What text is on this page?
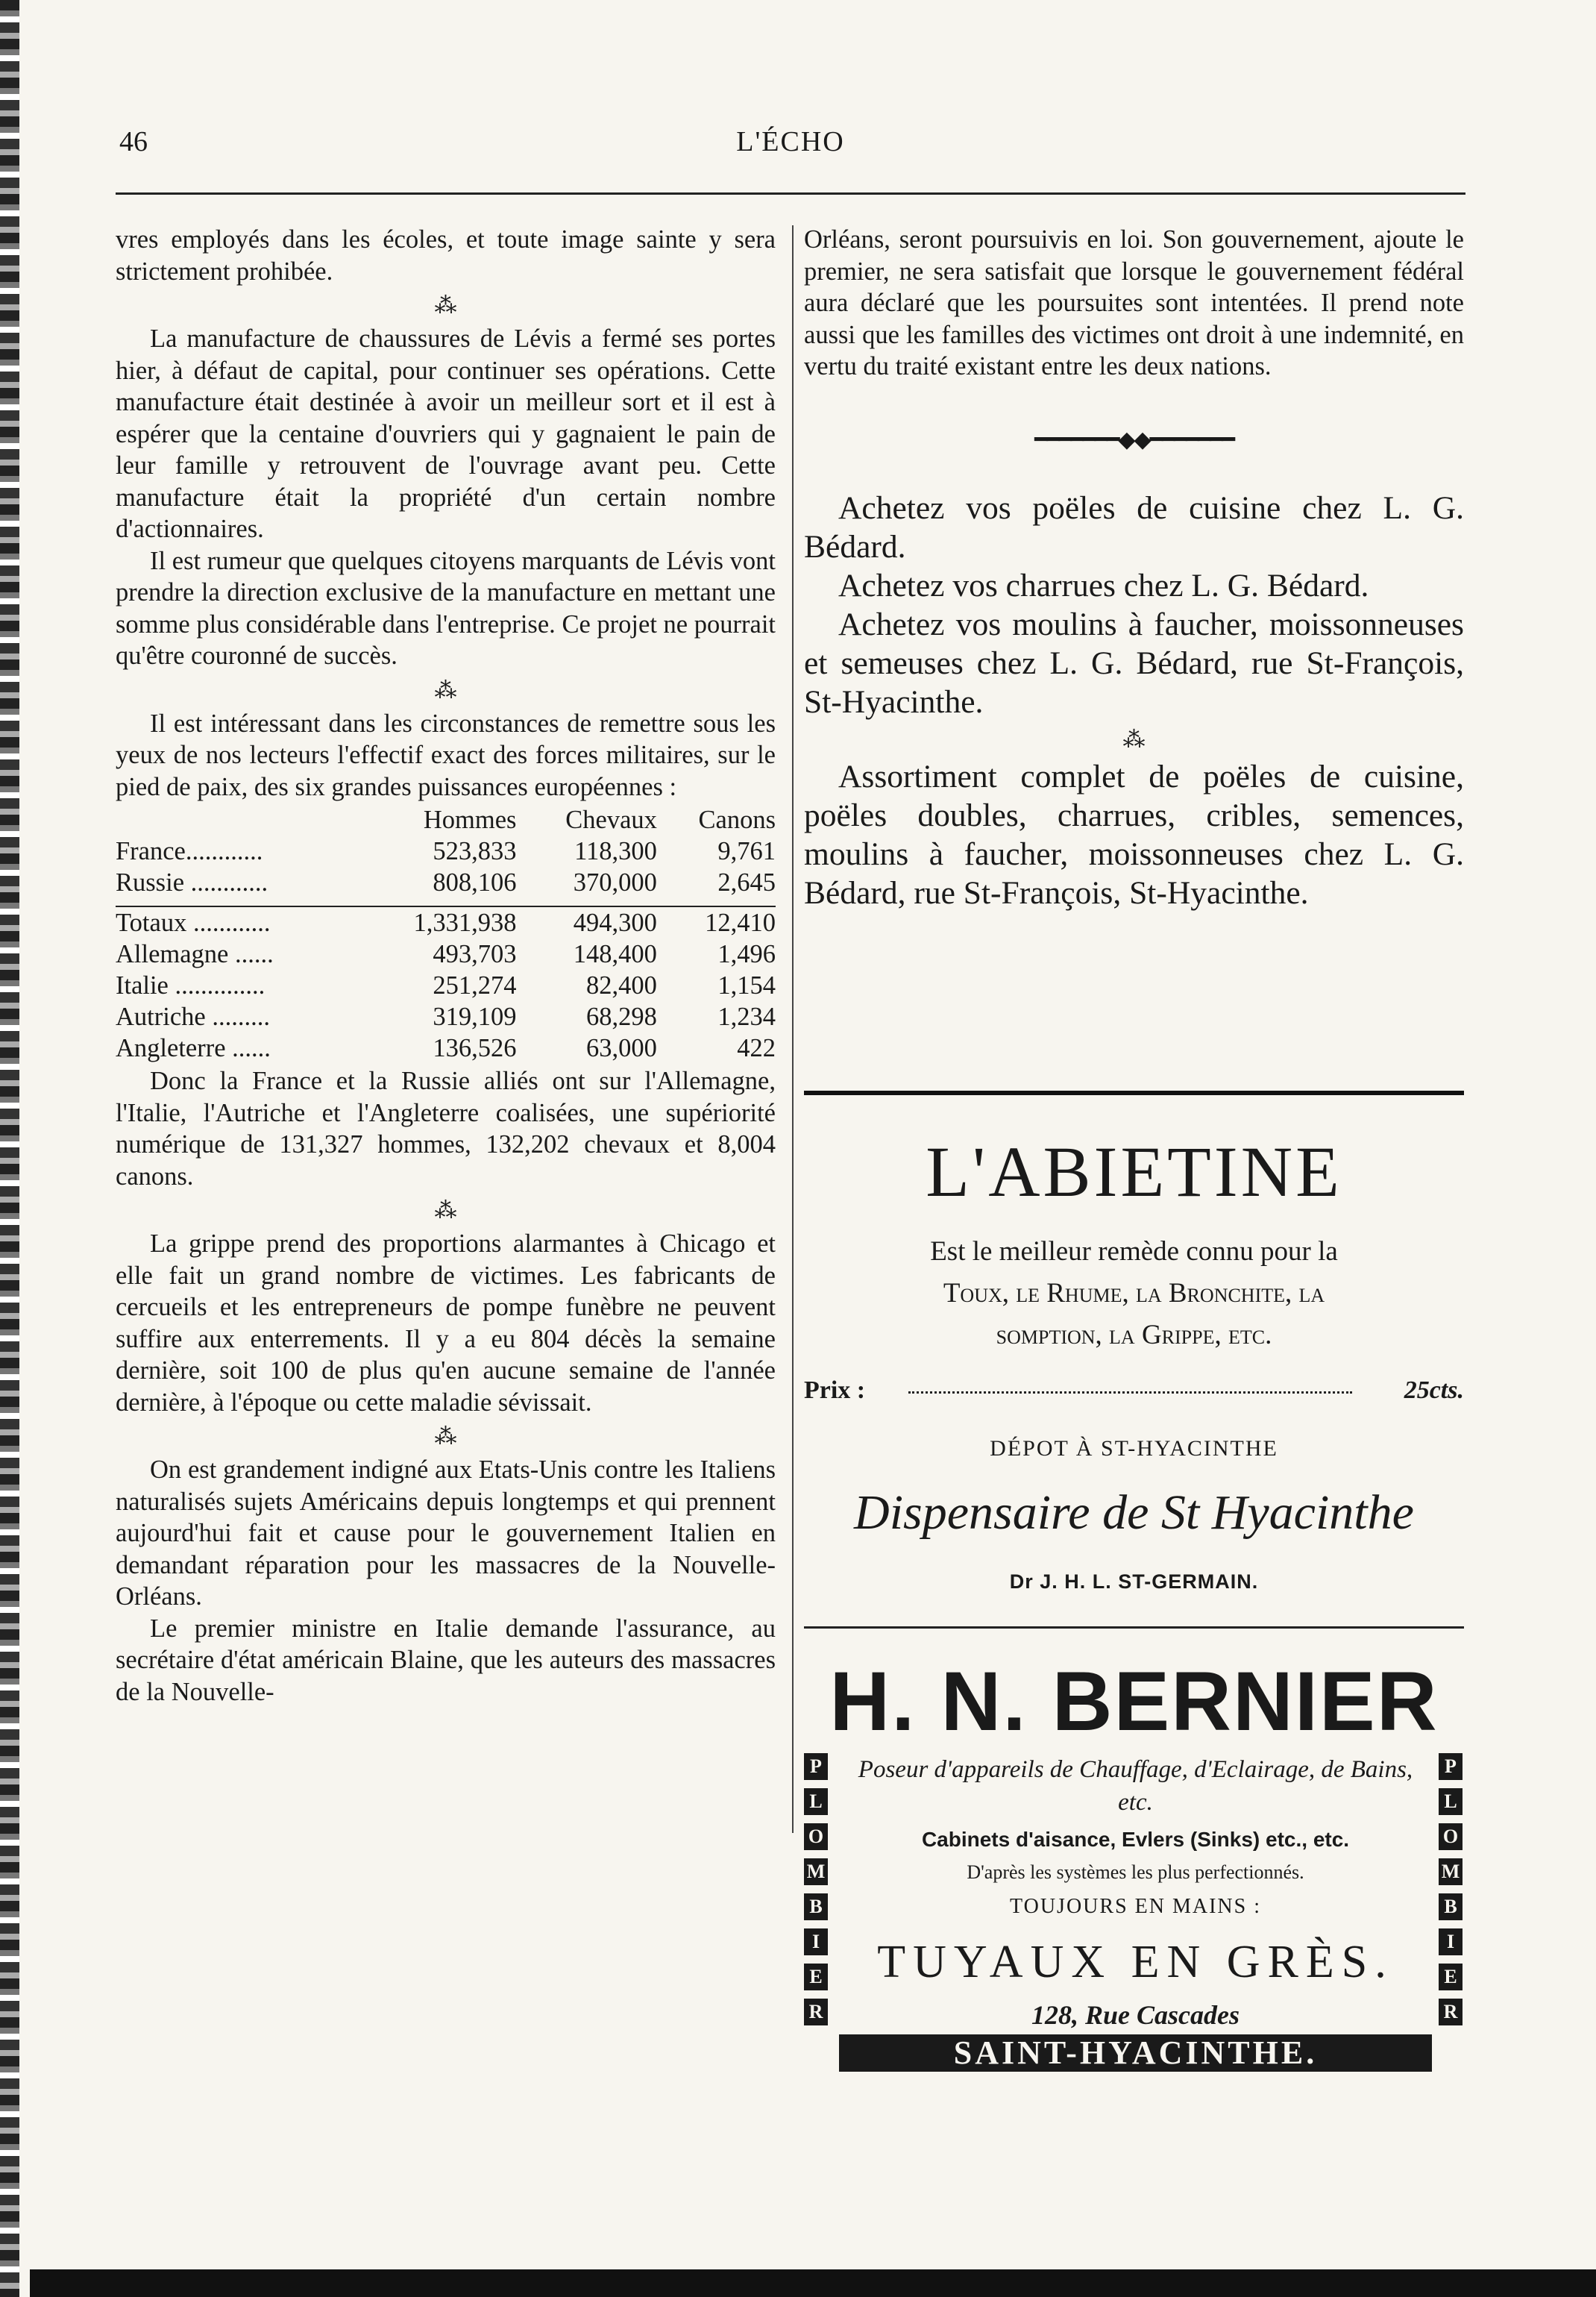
46	L'ÉCHO

vres employés dans les écoles, et toute image sainte y sera strictement prohibée.

⁂

La manufacture de chaussures de Lévis a fermé ses portes hier, à défaut de capital, pour continuer ses opérations. Cette manufacture était destinée à avoir un meilleur sort et il est à espérer que la centaine d'ouvriers qui y gagnaient le pain de leur famille y retrouvent de l'ouvrage avant peu. Cette manufacture était la propriété d'un certain nombre d'actionnaires.

Il est rumeur que quelques citoyens marquants de Lévis vont prendre la direction exclusive de la manufacture en mettant une somme plus considérable dans l'entreprise. Ce projet ne pourrait qu'être couronné de succès.

⁂

Il est intéressant dans les circonstances de remettre sous les yeux de nos lecteurs l'effectif exact des forces militaires, sur le pied de paix, des six grandes puissances européennes :

	Hommes	Chevaux	Canons
France............	523,833	118,300	9,761
Russie ............	808,106	370,000	2,645

Totaux ............	1,331,938	494,300	12,410
Allemagne ......	493,703	148,400	1,496
Italie ..............	251,274	82,400	1,154
Autriche .........	319,109	68,298	1,234
Angleterre ......	136,526	63,000	422

Donc la France et la Russie alliés ont sur l'Allemagne, l'Italie, l'Autriche et l'Angleterre coalisées, une supériorité numérique de 131,327 hommes, 132,202 chevaux et 8,004 canons.

⁂

La grippe prend des proportions alarmantes à Chicago et elle fait un grand nombre de victimes. Les fabricants de cercueils et les entrepreneurs de pompe funèbre ne peuvent suffire aux enterrements. Il y a eu 804 décès la semaine dernière, soit 100 de plus qu'en aucune semaine de l'année dernière, à l'époque ou cette maladie sévissait.

⁂

On est grandement indigné aux Etats-Unis contre les Italiens naturalisés sujets Américains depuis longtemps et qui prennent aujourd'hui fait et cause pour le gouvernement Italien en demandant réparation pour les massacres de la Nouvelle-Orléans.

Le premier ministre en Italie demande l'assurance, au secrétaire d'état américain Blaine, que les auteurs des massacres de la Nouvelle-

Orléans, seront poursuivis en loi. Son gouvernement, ajoute le premier, ne sera satisfait que lorsque le gouvernement fédéral aura déclaré que les poursuites sont intentées. Il prend note aussi que les familles des victimes ont droit à une indemnité, en vertu du traité existant entre les deux nations.

━━━━━━━◆◆━━━━━━━

Achetez vos poëles de cuisine chez L. G. Bédard.

Achetez vos charrues chez L. G. Bédard.

Achetez vos moulins à faucher, moissonneuses et semeuses chez L. G. Bédard, rue St-François, St-Hyacinthe.

⁂

Assortiment complet de poëles de cuisine, poëles doubles, charrues, cribles, semences, moulins à faucher, moissonneuses chez L. G. Bédard, rue St-François, St-Hyacinthe.

L'ABIETINE
Est le meilleur remède connu pour la
Toux, le Rhume, la Bronchite, la
somption, la Grippe, etc.
Prix :	25cts.
DÉPOT À ST-HYACINTHE
Dispensaire de St Hyacinthe
Dr J. H. L. ST-GERMAIN.
H. N. BERNIER
P
L
O
M
B
I
E
R
P
L
O
M
B
I
E
R
Poseur d'appareils de Chauffage, d'Eclairage, de Bains, etc.
Cabinets d'aisance, Evlers (Sinks) etc., etc.
D'après les systèmes les plus perfectionnés.
TOUJOURS EN MAINS :
TUYAUX EN GRÈS.
128, Rue Cascades
SAINT-HYACINTHE.
